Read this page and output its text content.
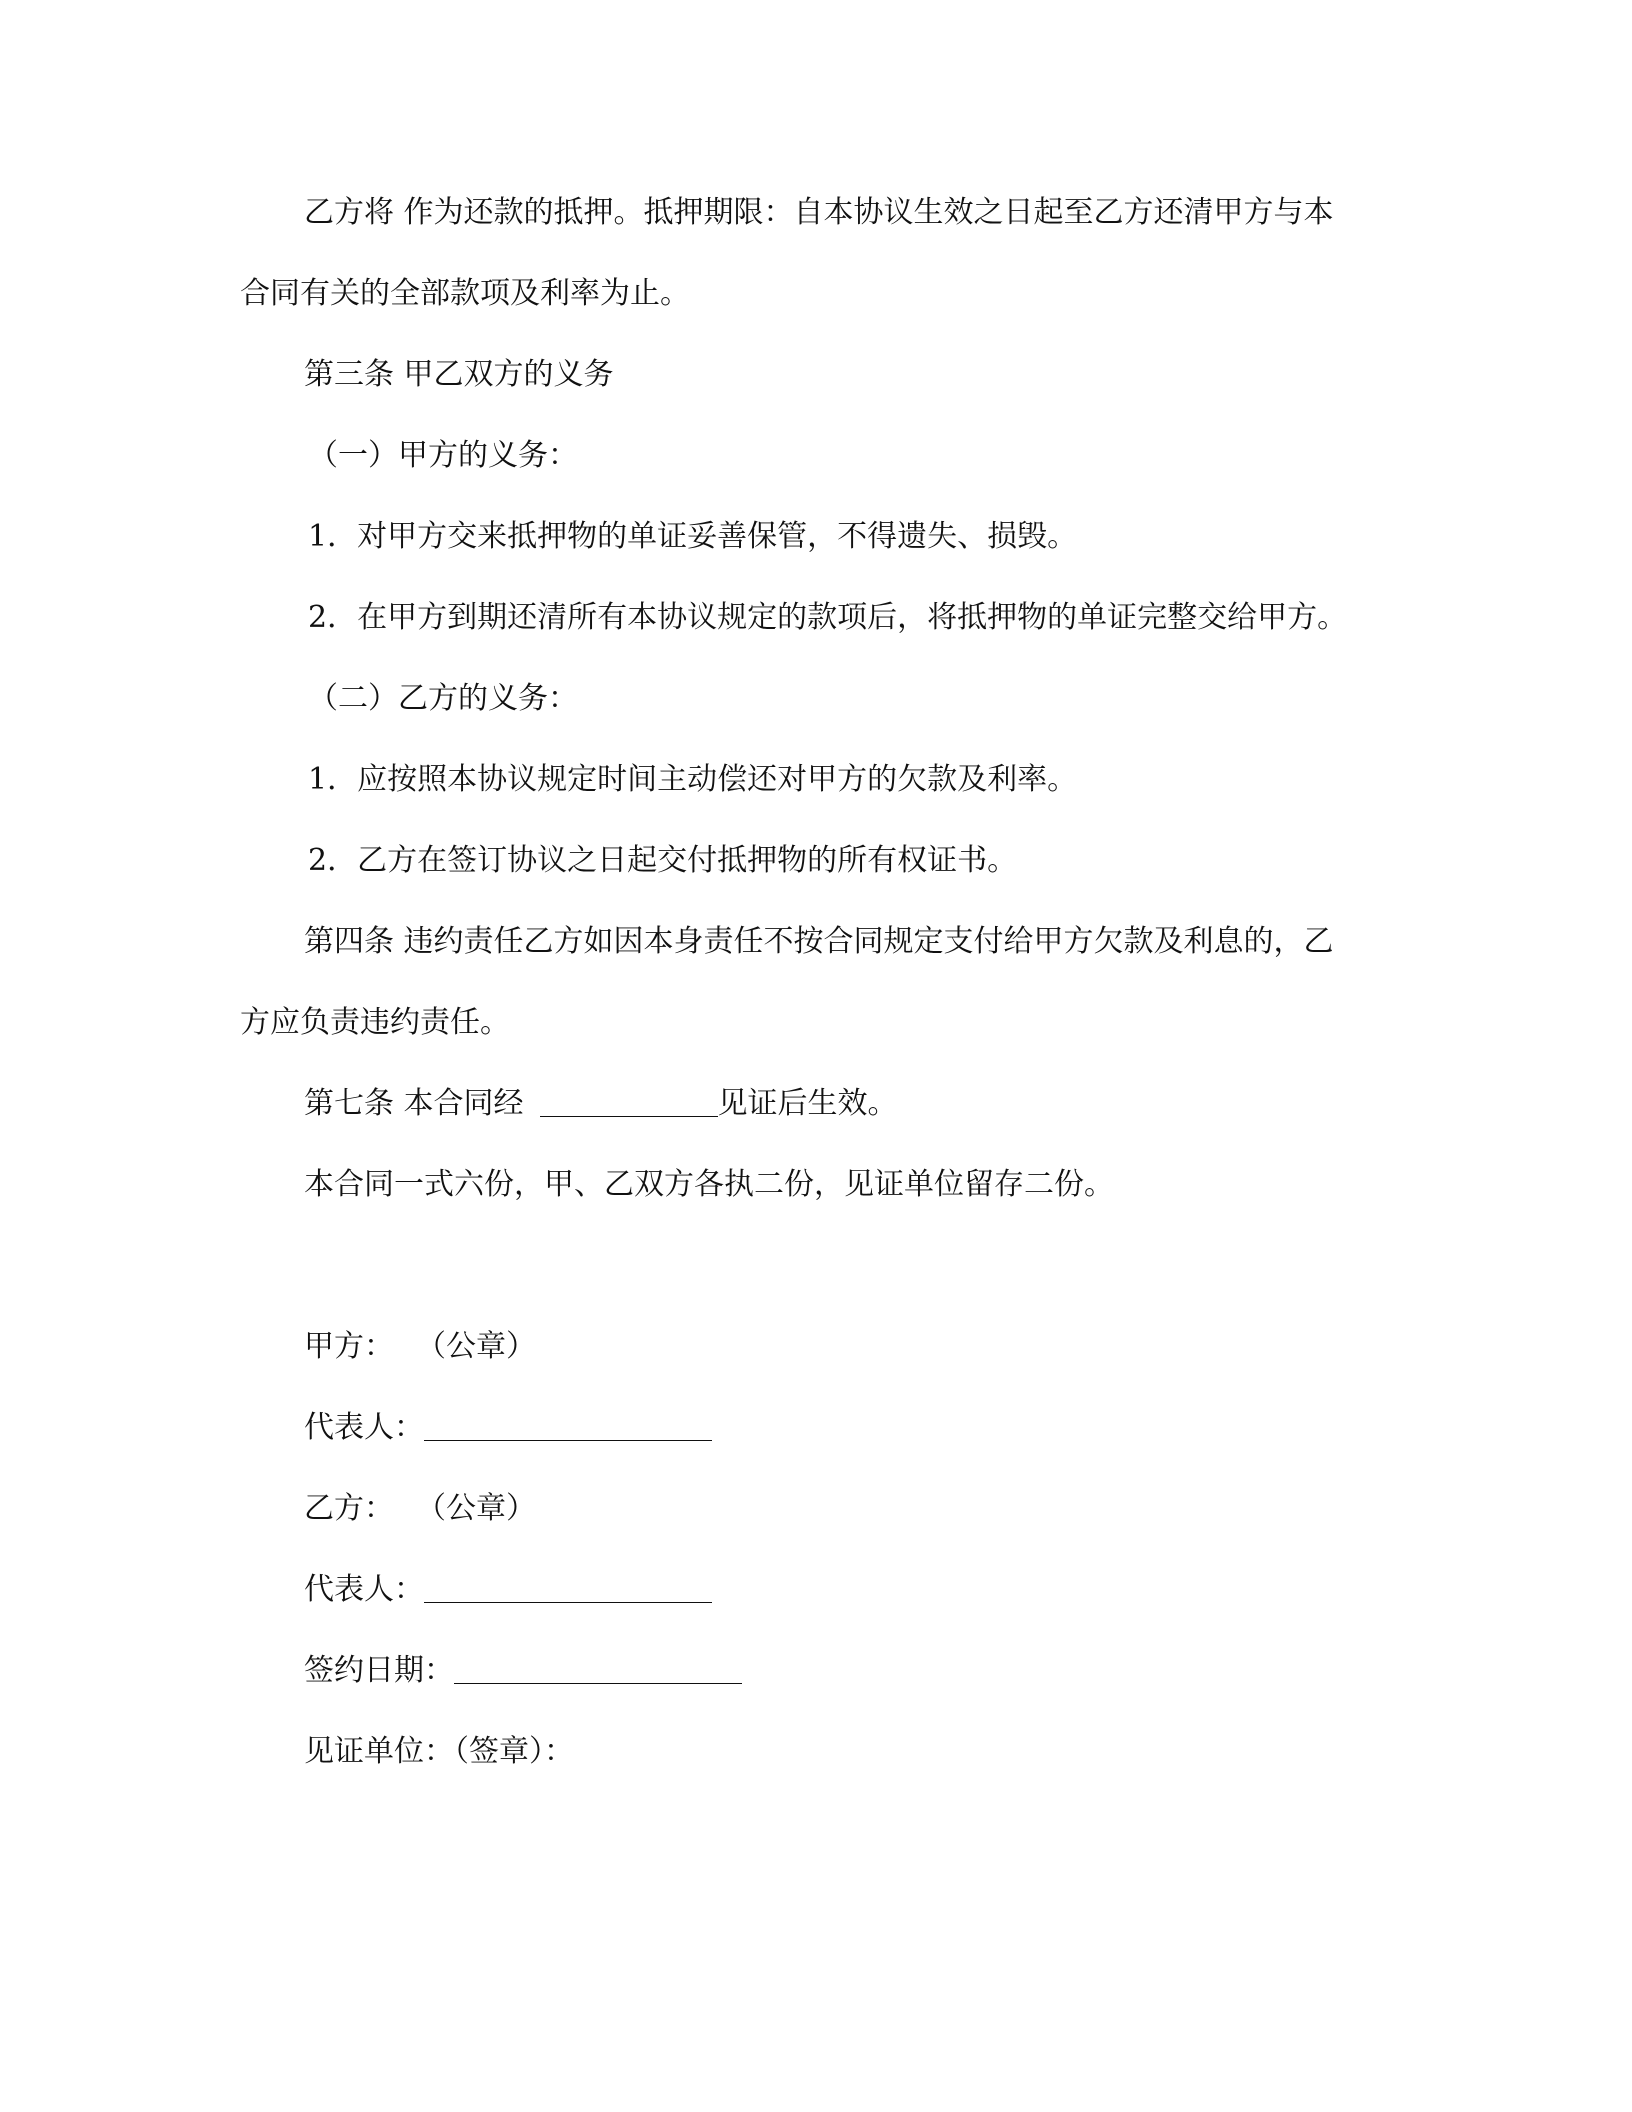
乙方将 作为还款的抵押。抵押期限：自本协议生效之日起至乙方还清甲方与本
合同有关的全部款项及利率为止。
第三条 甲乙双方的义务
（一）甲方的义务：
1．对甲方交来抵押物的单证妥善保管，不得遗失、损毁。
2．在甲方到期还清所有本协议规定的款项后，将抵押物的单证完整交给甲方。
（二）乙方的义务：
1．应按照本协议规定时间主动偿还对甲方的欠款及利率。
2．乙方在签订协议之日起交付抵押物的所有权证书。
第四条 违约责任乙方如因本身责任不按合同规定支付给甲方欠款及利息的，乙
方应负责违约责任。
第七条 本合同经	见证后生效。
本合同一式六份，甲、乙双方各执二份，见证单位留存二份。
甲方： （公章）
代表人：
乙方： （公章）
代表人：
签约日期：
见证单位：（签章）：
